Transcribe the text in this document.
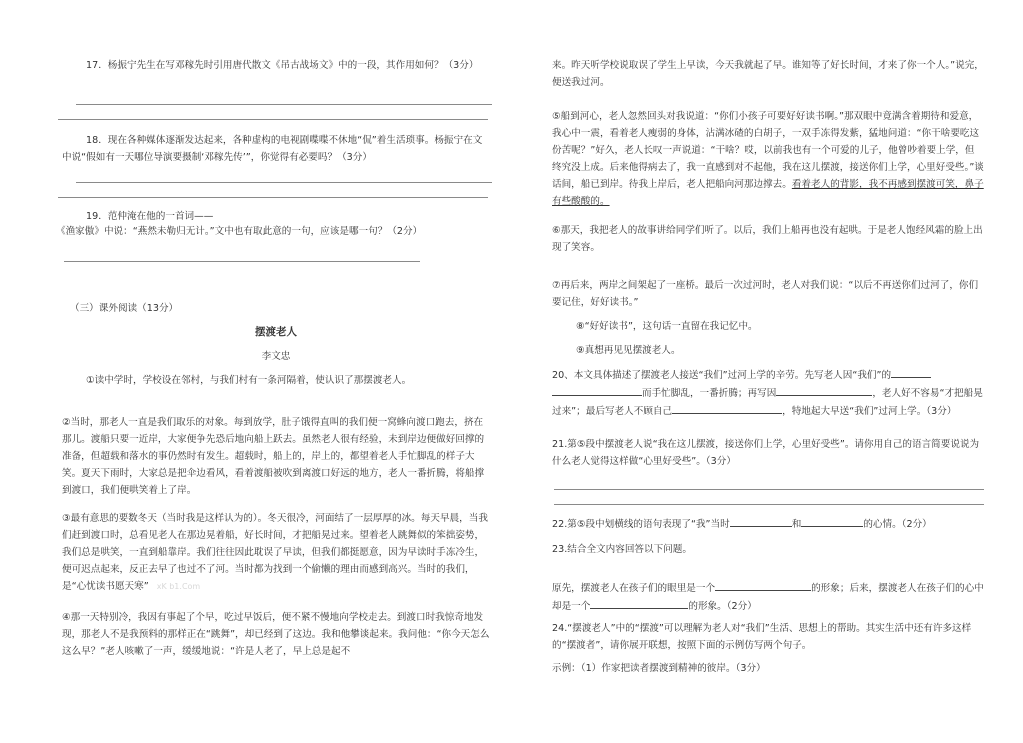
17．杨振宁先生在写邓稼先时引用唐代散文《吊古战场文》中的一段，其作用如何？（3分）

18．现在各种媒体逐渐发达起来，各种虚构的电视剧喋喋不休地“侃”着生活琐事。杨振宁在文中说“假如有一天哪位导演要摄制‘邓稼先传’”，你觉得有必要吗？（3分）

19．范仲淹在他的一首词——

《渔家傲》中说：“燕然未勒归无计。”文中也有取此意的一句，应该是哪一句？（2分）

（三）课外阅读（13分）

摆渡老人

李文忠

①读中学时，学校设在邻村，与我们村有一条河隔着，使认识了那摆渡老人。

②当时，那老人一直是我们取乐的对象。每到放学，肚子饿得直叫的我们便一窝蜂向渡口跑去，挤在那儿。渡船只要一近岸，大家便争先恐后地向船上跃去。虽然老人很有经验，未到岸边便做好回撑的准备，但超载和落水的事仍然时有发生。超载时，船上的，岸上的，都望着老人手忙脚乱的样子大笑。夏天下雨时，大家总是把伞边看风，看着渡船被吹到离渡口好远的地方，老人一番折腾，将船撑到渡口，我们便哄笑着上了岸。

③最有意思的要数冬天（当时我是这样认为的）。冬天很冷，河面结了一层厚厚的冰。每天早晨，当我们赶到渡口时，总看见老人在那边晃着船，好长时间，才把船晃过来。望着老人跳舞似的笨拙姿势，我们总是哄笑，一直到船靠岸。我们往往因此耽误了早读，但我们都挺愿意，因为早读时手冻冷生，便可迟点起来，反正去早了也过不了河。当时都为找到一个偷懒的理由而感到高兴。当时的我们，是“心忧读书愿天寒” xK b1.Com

④那一天特别冷，我因有事起了个早，吃过早饭后，便不紧不慢地向学校走去。到渡口时我惊奇地发现，那老人不是我预料的那样正在“跳舞”，却已经到了这边。我和他攀谈起来。我问他：“你今天怎么这么早？”老人咳嗽了一声，缓缓地说：“许是人老了，早上总是起不

来。昨天听学校说取误了学生上早读，今天我就起了早。谁知等了好长时间，才来了你一个人。”说完，便送我过河。

⑤船到河心，老人忽然回头对我说道：“你们小孩子可要好好读书啊。”那双眼中竟满含着期待和爱意，我心中一震，看着老人瘦弱的身体，沾满冰碴的白胡子，一双手冻得发紫，猛地问道：“你干啥要吃这份苦呢？”好久，老人长叹一声说道：“干啥？哎，以前我也有一个可爱的儿子，他曾吵着要上学，但终究没上成。后来他得病去了，我一直感到对不起他，我在这儿摆渡，接送你们上学，心里好受些。”谈话间，船已到岸。待我上岸后，老人把船向河那边撑去。看着老人的背影，我不再感到摆渡可笑，鼻子有些酸酸的。

⑥那天，我把老人的故事讲给同学们听了。以后，我们上船再也没有起哄。于是老人饱经风霜的脸上出现了笑容。

⑦再后来，两岸之间架起了一座桥。最后一次过河时，老人对我们说：“以后不再送你们过河了，你们要记住，好好读书。”

⑧“好好读书”，这句话一直留在我记忆中。

⑨真想再见见摆渡老人。

20、本文具体描述了摆渡老人接送“我们”过河上学的辛劳。先写老人因“我们”的而手忙脚乱，一番折腾；再写因	，老人好不容易“才把船晃过来”；最后写老人不顾自己	，特地起大早送“我们”过河上学。（3分）

21.第⑤段中摆渡老人说“我在这儿摆渡，接送你们上学，心里好受些”。请你用自己的语言简要说说为什么老人觉得这样做“心里好受些”。（3分）

22.第⑤段中划横线的语句表现了“我”当时	和	的心情。（2分）

23.结合全文内容回答以下问题。

原先，摆渡老人在孩子们的眼里是一个	的形象；后来，摆渡老人在孩子们的心中却是一个	的形象。（2分）

24.“摆渡老人”中的“摆渡”可以理解为老人对“我们”生活、思想上的帮助。其实生活中还有许多这样的“摆渡者”，请你展开联想，按照下面的示例仿写两个句子。

示例：（1）作家把读者摆渡到精神的彼岸。（3分）
